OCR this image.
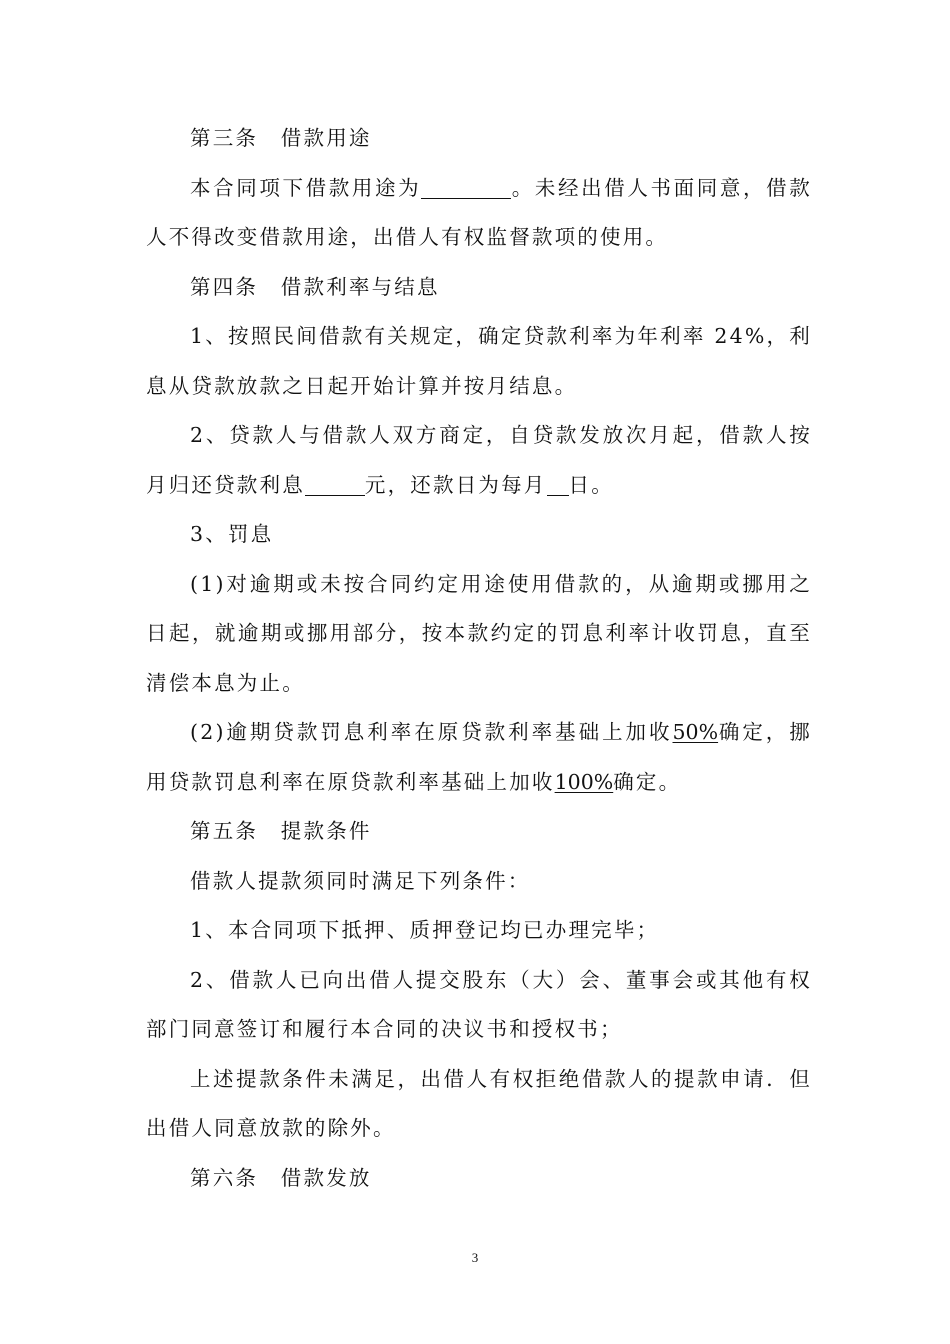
第三条　借款用途

本合同项下借款用途为	。未经出借人书面同意，借款人不得改变借款用途，出借人有权监督款项的使用。

第四条　借款利率与结息

1、按照民间借款有关规定，确定贷款利率为年利率 24%，利息从贷款放款之日起开始计算并按月结息。

2、贷款人与借款人双方商定，自贷款发放次月起，借款人按月归还贷款利息	元，还款日为每月 日。

3、罚息

(1)对逾期或未按合同约定用途使用借款的，从逾期或挪用之日起，就逾期或挪用部分，按本款约定的罚息利率计收罚息，直至清偿本息为止。

(2)逾期贷款罚息利率在原贷款利率基础上加收50%确定，挪用贷款罚息利率在原贷款利率基础上加收100%确定。

第五条　提款条件

借款人提款须同时满足下列条件：

1、本合同项下抵押、质押登记均已办理完毕；

2、借款人已向出借人提交股东（大）会、董事会或其他有权部门同意签订和履行本合同的决议书和授权书；

上述提款条件未满足，出借人有权拒绝借款人的提款申请．但出借人同意放款的除外。

第六条　借款发放

3
